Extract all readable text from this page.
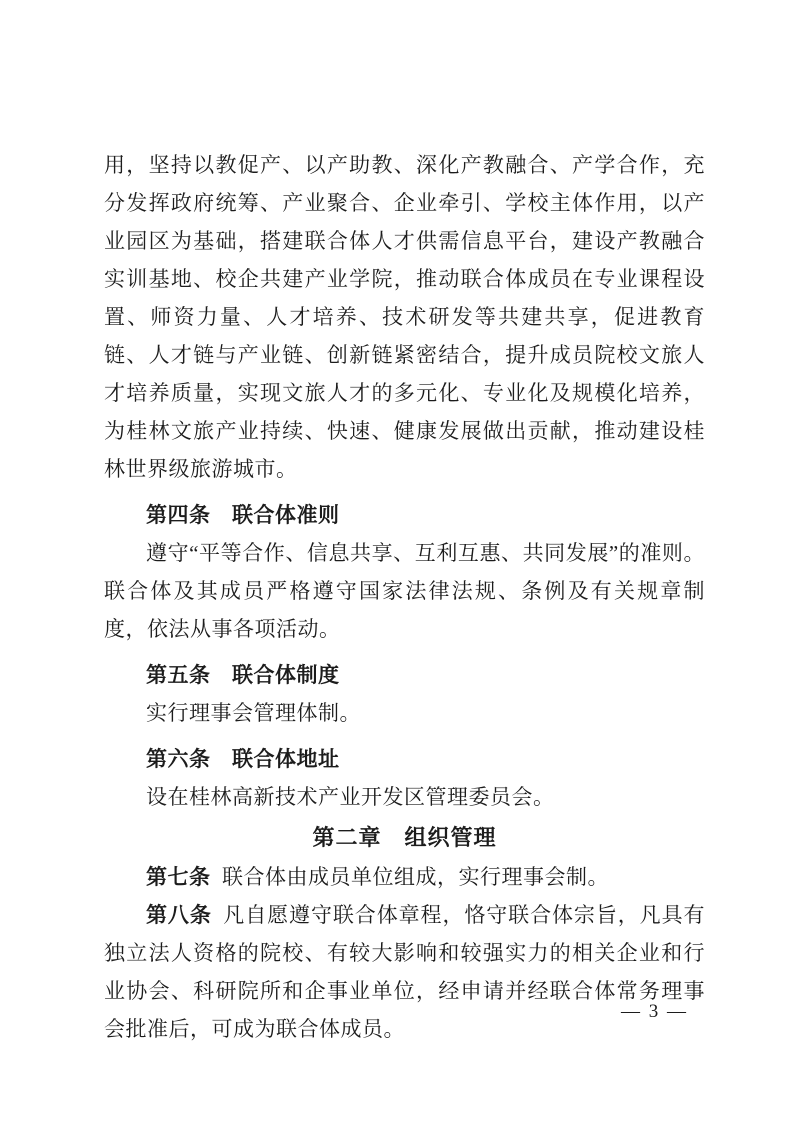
用，坚持以教促产、以产助教、深化产教融合、产学合作，充分发挥政府统筹、产业聚合、企业牵引、学校主体作用，以产业园区为基础，搭建联合体人才供需信息平台，建设产教融合实训基地、校企共建产业学院，推动联合体成员在专业课程设置、师资力量、人才培养、技术研发等共建共享，促进教育链、人才链与产业链、创新链紧密结合，提升成员院校文旅人才培养质量，实现文旅人才的多元化、专业化及规模化培养，为桂林文旅产业持续、快速、健康发展做出贡献，推动建设桂林世界级旅游城市。

第四条　联合体准则

遵守“平等合作、信息共享、互利互惠、共同发展”的准则。联合体及其成员严格遵守国家法律法规、条例及有关规章制度，依法从事各项活动。

第五条　联合体制度

实行理事会管理体制。

第六条　联合体地址

设在桂林高新技术产业开发区管理委员会。

第二章　组织管理

第七条 联合体由成员单位组成，实行理事会制。

第八条 凡自愿遵守联合体章程，恪守联合体宗旨，凡具有独立法人资格的院校、有较大影响和较强实力的相关企业和行业协会、科研院所和企事业单位，经申请并经联合体常务理事会批准后，可成为联合体成员。

— 3 —
